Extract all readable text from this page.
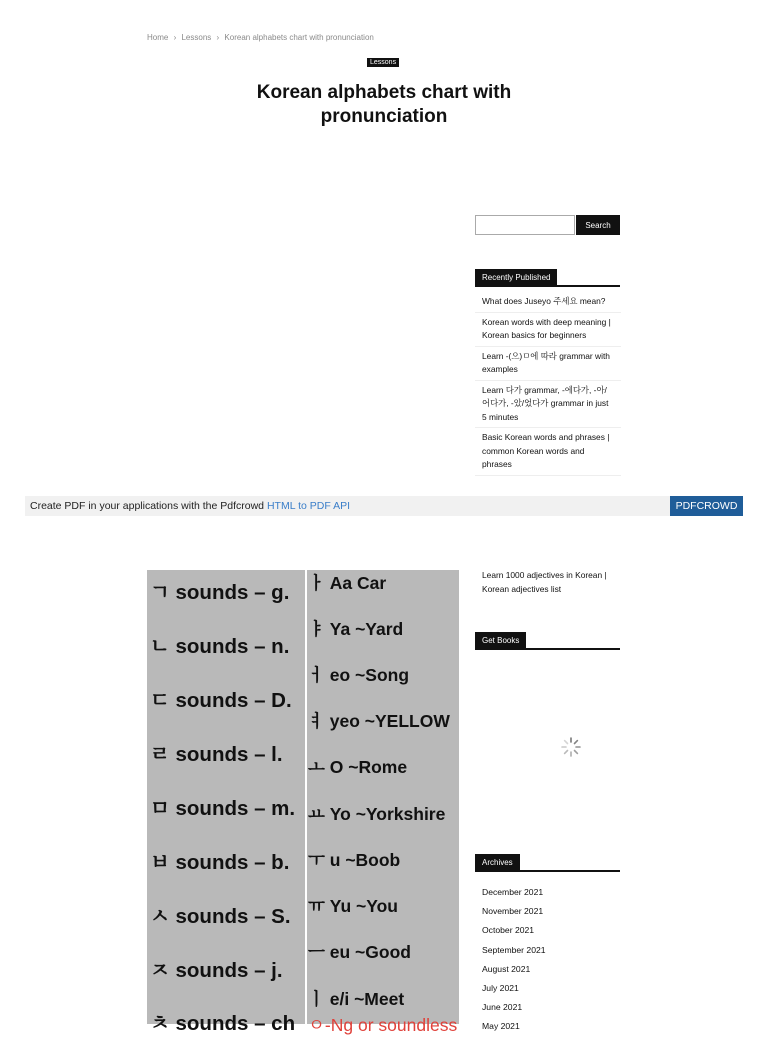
Home › Lessons › Korean alphabets chart with pronunciation
Lessons
Korean alphabets chart with pronunciation
Search
Recently Published
What does Juseyo 주세요 mean?
Korean words with deep meaning | Korean basics for beginners
Learn -(으)ㅁ에 따라 grammar with examples
Learn 다가 grammar, -에다가, -아/어다가, -았/었다가 grammar in just 5 minutes
Basic Korean words and phrases | common Korean words and phrases
Create PDF in your applications with the Pdfcrowd HTML to PDF API	PDFCROWD
ㄱ sounds – g.
ㄴ sounds – n.
ㄷ sounds – D.
ㄹ sounds – l.
ㅁ sounds – m.
ㅂ sounds – b.
ㅅ sounds – S.
ㅈ sounds – j.
ㅊ sounds – ch
ㅏ Aa Car
ㅑ Ya ~Yard
ㅓ eo ~Song
ㅕ yeo ~YELLOW
ㅗ O ~Rome
ㅛ Yo ~Yorkshire
ㅜ u ~Boob
ㅠ Yu ~You
ㅡ eu ~Good
ㅣ e/i ~Meet
ㅇ-Ng or soundless
Learn 1000 adjectives in Korean | Korean adjectives list
Get Books
Archives
December 2021
November 2021
October 2021
September 2021
August 2021
July 2021
June 2021
May 2021
